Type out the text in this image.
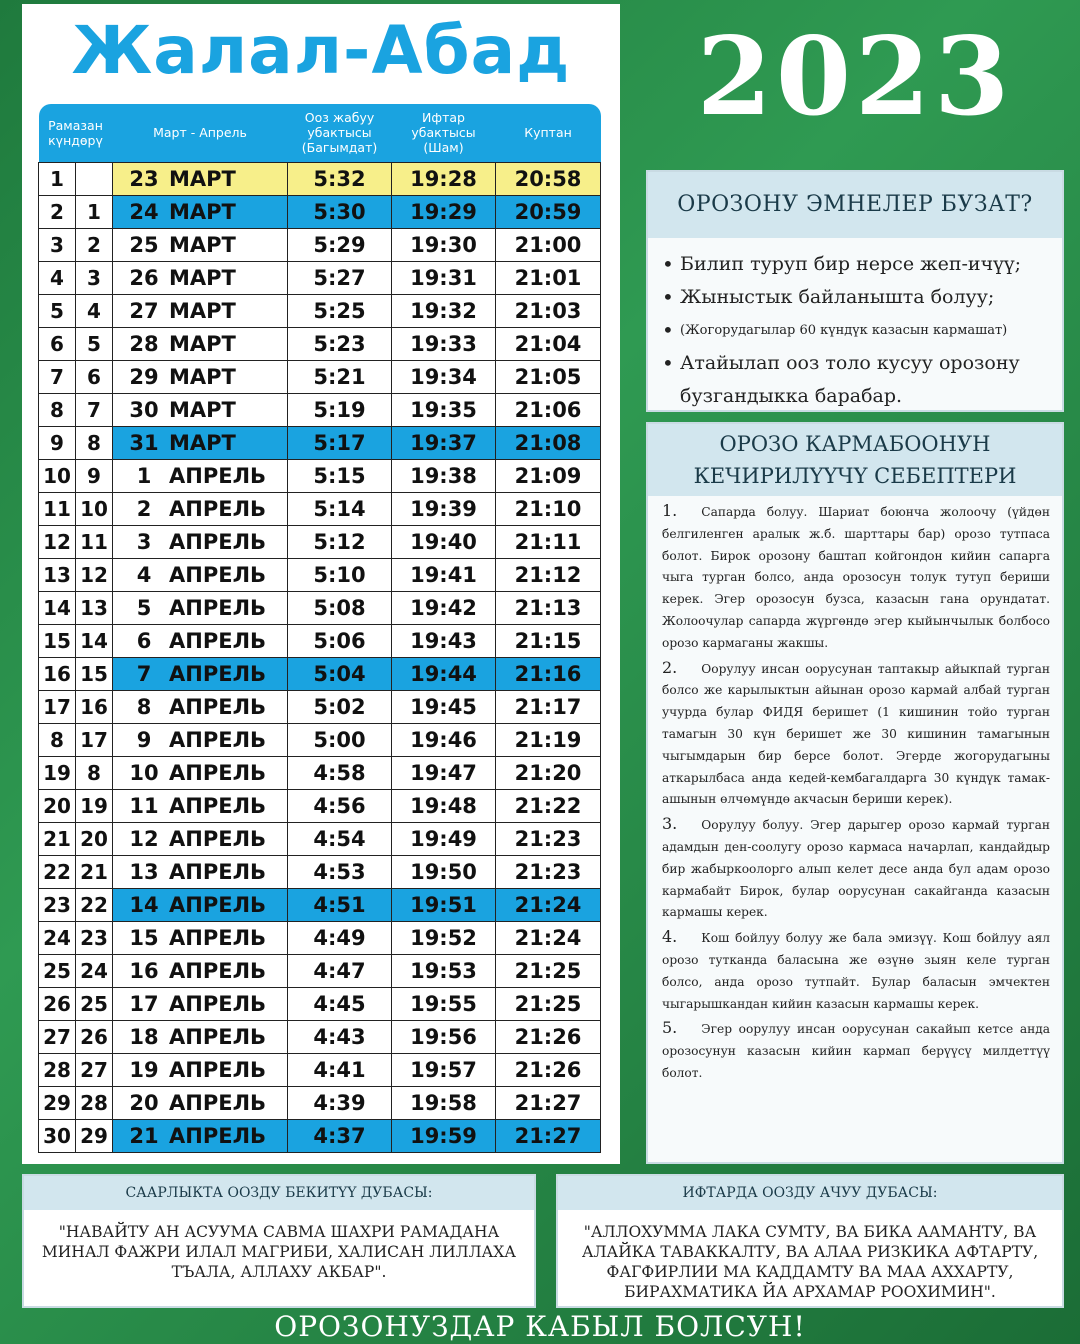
Жалал-Абад
Рамазан күндөрү		Март - Апрель	Ооз жабуу убактысы (Багымдат)	Ифтар убактысы (Шам)	Куптан
1		23 МАРТ	5:32	19:28	20:58
2	1	24 МАРТ	5:30	19:29	20:59
3	2	25 МАРТ	5:29	19:30	21:00
4	3	26 МАРТ	5:27	19:31	21:01
5	4	27 МАРТ	5:25	19:32	21:03
6	5	28 МАРТ	5:23	19:33	21:04
7	6	29 МАРТ	5:21	19:34	21:05
8	7	30 МАРТ	5:19	19:35	21:06
9	8	31 МАРТ	5:17	19:37	21:08
10	9	1 АПРЕЛЬ	5:15	19:38	21:09
11	10	2 АПРЕЛЬ	5:14	19:39	21:10
12	11	3 АПРЕЛЬ	5:12	19:40	21:11
13	12	4 АПРЕЛЬ	5:10	19:41	21:12
14	13	5 АПРЕЛЬ	5:08	19:42	21:13
15	14	6 АПРЕЛЬ	5:06	19:43	21:15
16	15	7 АПРЕЛЬ	5:04	19:44	21:16
17	16	8 АПРЕЛЬ	5:02	19:45	21:17
8	17	9 АПРЕЛЬ	5:00	19:46	21:19
19	8	10 АПРЕЛЬ	4:58	19:47	21:20
20	19	11 АПРЕЛЬ	4:56	19:48	21:22
21	20	12 АПРЕЛЬ	4:54	19:49	21:23
22	21	13 АПРЕЛЬ	4:53	19:50	21:23
23	22	14 АПРЕЛЬ	4:51	19:51	21:24
24	23	15 АПРЕЛЬ	4:49	19:52	21:24
25	24	16 АПРЕЛЬ	4:47	19:53	21:25
26	25	17 АПРЕЛЬ	4:45	19:55	21:25
27	26	18 АПРЕЛЬ	4:43	19:56	21:26
28	27	19 АПРЕЛЬ	4:41	19:57	21:26
29	28	20 АПРЕЛЬ	4:39	19:58	21:27
30	29	21 АПРЕЛЬ	4:37	19:59	21:27
2023
ОРОЗОНУ ЭМНЕЛЕР БУЗАТ?
• Билип туруп бир нерсе жеп-ичүү;
• Жыныстык байланышта болуу;
• (Жогорудагылар 60 күндүк казасын кармашат)
• Атайылап ооз толо кусуу орозону бузгандыкка барабар.
ОРОЗО КАРМАБООНУН
КЕЧИРИЛҮҮЧҮ СЕБЕПТЕРИ

1. Сапарда болуу. Шариат боюнча жолоочу (үйдөн белгиленген аралык ж.б. шарттары бар) орозо тутпаса болот. Бирок орозону баштап койгондон кийин сапарга чыга турган болсо, анда орозосун толук тутуп бериши керек. Эгер орозосун бузса, казасын гана орундатат. Жолоочулар сапарда жүргөндө эгер кыйынчылык болбосо орозо кармаганы жакшы.

2. Оорулуу инсан оорусунан таптакыр айыкпай турган болсо же карылыктын айынан орозо кармай албай турган учурда булар ФИДЯ беришет (1 кишинин тойо турган тамагын 30 күн беришет же 30 кишинин тамагынын чыгымдарын бир берсе болот. Эгерде жогорудагыны аткарылбаса анда кедей-кембагалдарга 30 күндүк тамак-ашынын өлчөмүндө акчасын бериши керек).

3. Оорулуу болуу. Эгер дарыгер орозо кармай турган адамдын ден-соолугу орозо кармаса начарлап, кандайдыр бир жабыркоолорго алып келет десе анда бул адам орозо кармабайт Бирок, булар оорусунан сакайганда казасын кармашы керек.

4. Кош бойлуу болуу же бала эмизүү. Кош бойлуу аял орозо тутканда баласына же өзүнө зыян келе турган болсо, анда орозо тутпайт. Булар баласын эмчектен чыгарышкандан кийин казасын кармашы керек.

5. Эгер оорулуу инсан оорусунан сакайып кетсе анда орозосунун казасын кийин кармап берүүсү милдеттүү болот.

СААРЛЫКТА ООЗДУ БЕКИТҮҮ ДУБАСЫ:
"НАВАЙТУ АН АСУУМА САВМА ШАХРИ РАМАДАНА МИНАЛ ФАЖРИ ИЛАЛ МАГРИБИ, ХАЛИСАН ЛИЛЛАХА ТЪАЛА, АЛЛАХУ АКБАР".
ИФТАРДА ООЗДУ АЧУУ ДУБАСЫ:
"АЛЛОХУММА ЛАКА СУМТУ, ВА БИКА ААМАНТУ, ВА АЛАЙКА ТАВАККАЛТУ, ВА АЛАА РИЗКИКА АФТАРТУ, ФАГФИРЛИИ МА КАДДАМТУ ВА МАА АХХАРТУ, БИРАХМАТИКА ЙА АРХАМАР РООХИМИН".
ОРОЗОНУЗДАР КАБЫЛ БОЛСУН!
